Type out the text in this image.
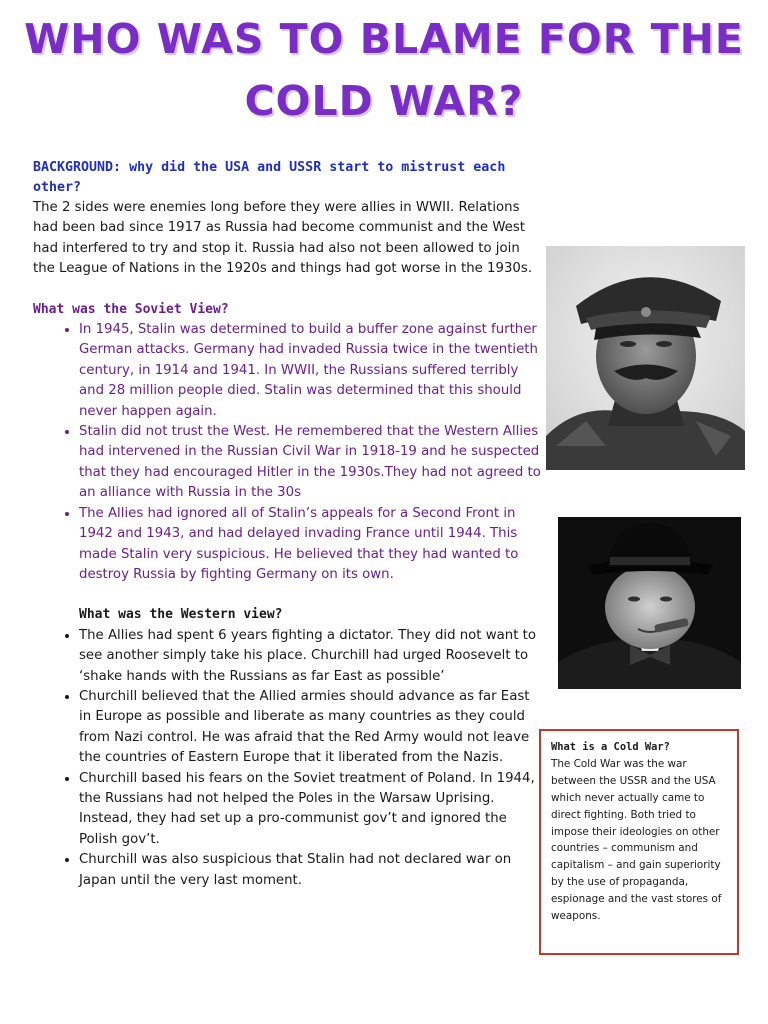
WHO WAS TO BLAME FOR THE
COLD WAR?

BACKGROUND: why did the USA and USSR start to mistrust each other?

The 2 sides were enemies long before they were allies in WWII. Relations had been bad since 1917 as Russia had become communist and the West had interfered to try and stop it. Russia had also not been allowed to join the League of Nations in the 1920s and things had got worse in the 1930s.

What was the Soviet View?

• In 1945, Stalin was determined to build a buffer zone against further German attacks. Germany had invaded Russia twice in the twentieth century, in 1914 and 1941. In WWII, the Russians suffered terribly and 28 million people died. Stalin was determined that this should never happen again.
• Stalin did not trust the West. He remembered that the Western Allies had intervened in the Russian Civil War in 1918-19 and he suspected that they had encouraged Hitler in the 1930s.They had not agreed to an alliance with Russia in the 30s
• The Allies had ignored all of Stalin’s appeals for a Second Front in 1942 and 1943, and had delayed invading France until 1944. This made Stalin very suspicious. He believed that they had wanted to destroy Russia by fighting Germany on its own.

What was the Western view?

• The Allies had spent 6 years fighting a dictator. They did not want to see another simply take his place. Churchill had urged Roosevelt to ‘shake hands with the Russians as far East as possible’
• Churchill believed that the Allied armies should advance as far East in Europe as possible and liberate as many countries as they could from Nazi control. He was afraid that the Red Army would not leave the countries of Eastern Europe that it liberated from the Nazis.
• Churchill based his fears on the Soviet treatment of Poland. In 1944, the Russians had not helped the Poles in the Warsaw Uprising. Instead, they had set up a pro-communist gov’t and ignored the Polish gov’t.
• Churchill was also suspicious that Stalin had not declared war on Japan until the very last moment.
What is a Cold War?
The Cold War was the war between the USSR and the USA which never actually came to direct fighting. Both tried to impose their ideologies on other countries – communism and capitalism – and gain superiority by the use of propaganda, espionage and the vast stores of weapons.
